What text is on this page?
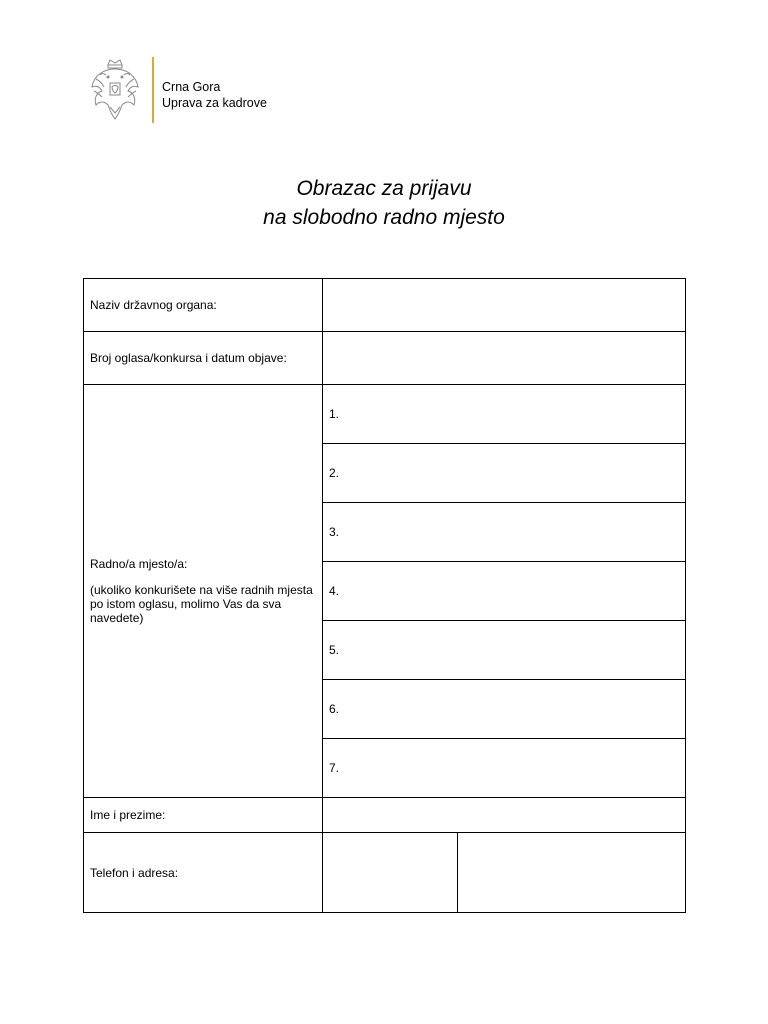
Crna Gora
Uprava za kadrove
Obrazac za prijavu
na slobodno radno mjesto
Naziv državnog organa:		
Broj oglasa/konkursa i datum objave:		
Radno/a mjesto/a:
(ukoliko konkurišete na više radnih mjesta po istom oglasu, molimo Vas da sva navedete)	1.	
	2.	
	3.	
	4.	
	5.	
	6.	
	7.	
Ime i prezime:		
Telefon i adresa:		
